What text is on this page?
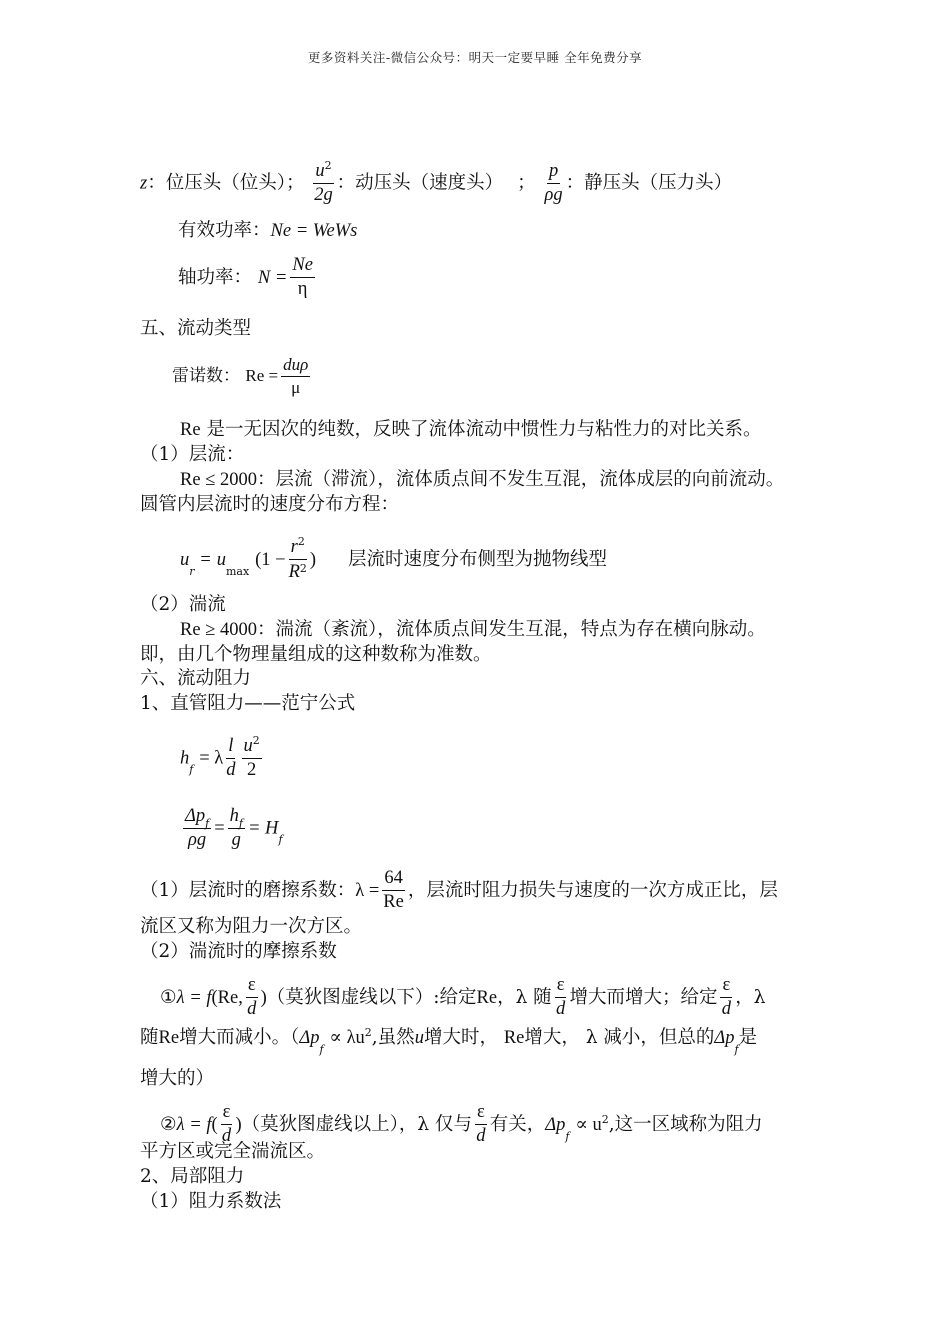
更多资料关注-微信公众号：明天一定要早睡 全年免费分享
z：位压头（位头）； $\frac{u^2}{2g}$ ：动压头（速度头） ； $\frac{p}{\rho g}$ ：静压头（压力头）
有效功率：Ne = WeWs
轴功率： $N = \frac{Ne}{\eta}$
五、流动类型
雷诺数： Re =
duρ
μ
Re 是一无因次的纯数，反映了流体流动中惯性力与粘性力的对比关系。
（1）层流：
Re ≤ 2000：层流（滞流），流体质点间不发生互混，流体成层的向前流动。
圆管内层流时的速度分布方程：
$u_r = u_{max}$ ($1 - \frac{r^2}{R^2}$ ) 层流时速度分布侧型为抛物线型
（2）湍流
Re ≥ 4000：湍流（紊流），流体质点间发生互混，特点为存在横向脉动。
即，由几个物理量组成的这种数称为准数。
六、流动阻力
1、直管阻力——范宁公式
$h_f = \lambda \frac{l}{d} \frac{u^2}{2}$
$\Delta p_f$
ρg
= $\frac{h_f}{g} = H_f$
（1）层流时的磨擦系数：$\lambda = \frac{64}{Re}$ ，层流时阻力损失与速度的一次方成正比，层
流区又称为阻力一次方区。
（2）湍流时的摩擦系数
①λ = f(Re, $\frac{\varepsilon}{d}$ )（莫狄图虚线以下）:给定Re，λ 随 $\frac{\varepsilon}{d}$ 增大而增大；给定 $\frac{\varepsilon}{d}$ ，λ
随Re增大而减小。（$\Delta p_f \propto \lambda u^2$,虽然u增大时， Re增大， λ 减小，但总的$\Delta p_f$是
增大的）
②λ = $f( \frac{\varepsilon}{d}$ )（莫狄图虚线以上），λ 仅与 $\frac{\varepsilon}{d}$ 有关，$\Delta p_f \propto u^2$,这一区域称为阻力
平方区或完全湍流区。
2、局部阻力
（1）阻力系数法
